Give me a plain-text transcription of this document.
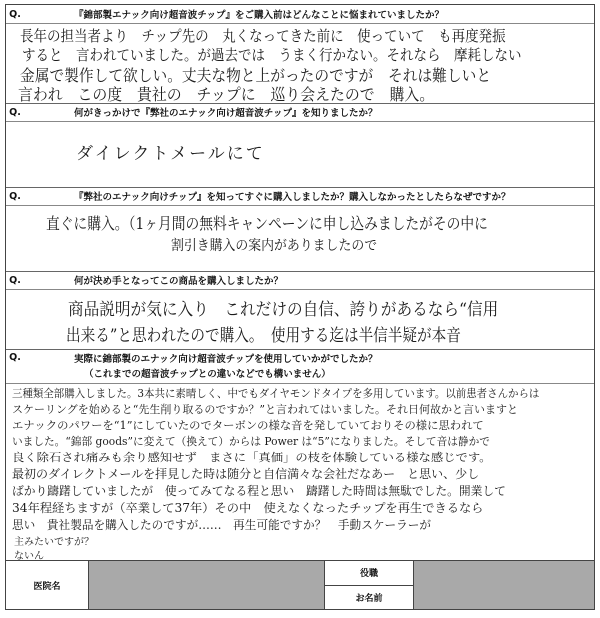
Q.	『錦部製エナック向け超音波チップ』をご購入前はどんなことに悩まれていましたか？
長年の担当者より　チップ先の　丸くなってきた前に　使っていて　も再度発振
すると　言われていました。が過去では　うまく行かない。それなら　摩耗しない
金属で製作して欲しい。丈夫な物と上がったのですが　それは難しいと
言われ　この度　貴社の　チップに　巡り会えたので　購入。
Q.	何がきっかけで『弊社のエナック向け超音波チップ』を知りましたか？
ダイレクトメールにて
Q.	『弊社のエナック向けチップ』を知ってすぐに購入しましたか？購入しなかったとしたらなぜですか？
直ぐに購入。（1ヶ月間の無料キャンペーンに申し込みましたがその中に
割引き購入の案内がありましたので
Q.	何が決め手となってこの商品を購入しましたか？
商品説明が気に入り　これだけの自信、誇りがあるなら“信用
出来る”と思われたので購入。　使用する迄は半信半疑が本音
Q.	実際に錦部製のエナック向け超音波チップを使用していかがでしたか？
（これまでの超音波チップとの違いなどでも構いません）
三種類全部購入しました。3本共に素晴しく、中でもダイヤモンドタイプを多用しています。以前患者さんからは
スケーリングを始めると“先生削り取るのですか？”と言われてはいました。それ日何故かと言いますと
エナックのパワーを“1”にしていたのでターボンの様な音を発していておりその様に思われて
いました。“錦部 goods”に変えて（換えて）からは Power は“5”になりました。そして音は静かで
良く除石され痛みも余り感知せず　まさに「真価」の枝を体験している様な感じです。
最初のダイレクトメールを拝見した時は随分と自信満々な会社だなあー　と思い、少し
ばかり躊躇していましたが　使ってみてなる程と思い　躊躇した時間は無駄でした。開業して
34年程経ちますが（卒業して37年）その中　使えなくなったチップを再生できるなら
思い　貴社製品を購入したのですが……　再生可能ですか？　手動スケーラーが
主みたいですが？
ないん
医院名
役職
お名前
